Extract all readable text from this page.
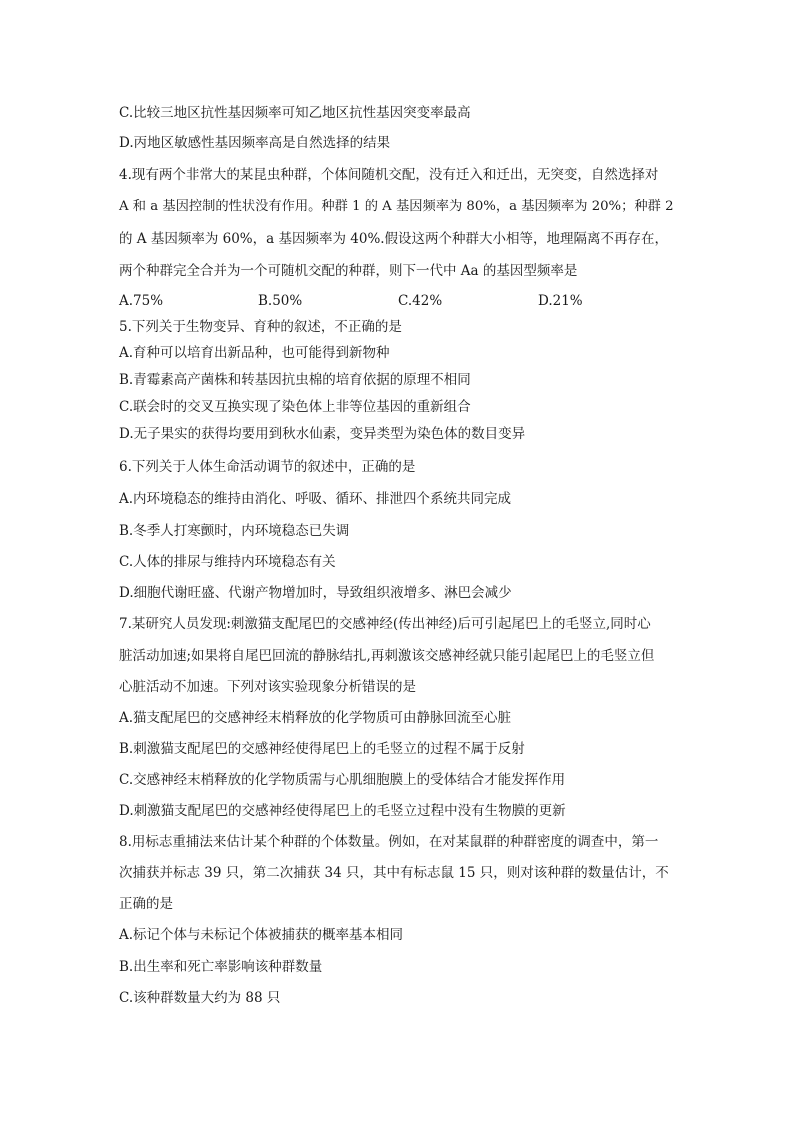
C.比较三地区抗性基因频率可知乙地区抗性基因突变率最高
D.丙地区敏感性基因频率高是自然选择的结果
4.现有两个非常大的某昆虫种群，个体间随机交配，没有迁入和迁出，无突变，自然选择对
A 和 a 基因控制的性状没有作用。种群 1 的 A 基因频率为 80%，a 基因频率为 20%；种群 2
的 A 基因频率为 60%，a 基因频率为 40%.假设这两个种群大小相等，地理隔离不再存在，
两个种群完全合并为一个可随机交配的种群，则下一代中 Aa 的基因型频率是
A.75%	B.50%	C.42%	D.21%
5.下列关于生物变异、育种的叙述，不正确的是
A.育种可以培育出新品种，也可能得到新物种
B.青霉素高产菌株和转基因抗虫棉的培育依据的原理不相同
C.联会时的交叉互换实现了染色体上非等位基因的重新组合
D.无子果实的获得均要用到秋水仙素，变异类型为染色体的数目变异
6.下列关于人体生命活动调节的叙述中，正确的是
A.内环境稳态的维持由消化、呼吸、循环、排泄四个系统共同完成
B.冬季人打寒颤时，内环境稳态已失调
C.人体的排尿与维持内环境稳态有关
D.细胞代谢旺盛、代谢产物增加时，导致组织液增多、淋巴会减少
7.某研究人员发现:刺激猫支配尾巴的交感神经(传出神经)后可引起尾巴上的毛竖立,同时心
脏活动加速;如果将自尾巴回流的静脉结扎,再刺激该交感神经就只能引起尾巴上的毛竖立但
心脏活动不加速。下列对该实验现象分析错误的是
A.猫支配尾巴的交感神经末梢释放的化学物质可由静脉回流至心脏
B.刺激猫支配尾巴的交感神经使得尾巴上的毛竖立的过程不属于反射
C.交感神经末梢释放的化学物质需与心肌细胞膜上的受体结合才能发挥作用
D.刺激猫支配尾巴的交感神经使得尾巴上的毛竖立过程中没有生物膜的更新
8.用标志重捕法来估计某个种群的个体数量。例如，在对某鼠群的种群密度的调查中，第一
次捕获并标志 39 只，第二次捕获 34 只，其中有标志鼠 15 只，则对该种群的数量估计，不
正确的是
A.标记个体与未标记个体被捕获的概率基本相同
B.出生率和死亡率影响该种群数量
C.该种群数量大约为 88 只
